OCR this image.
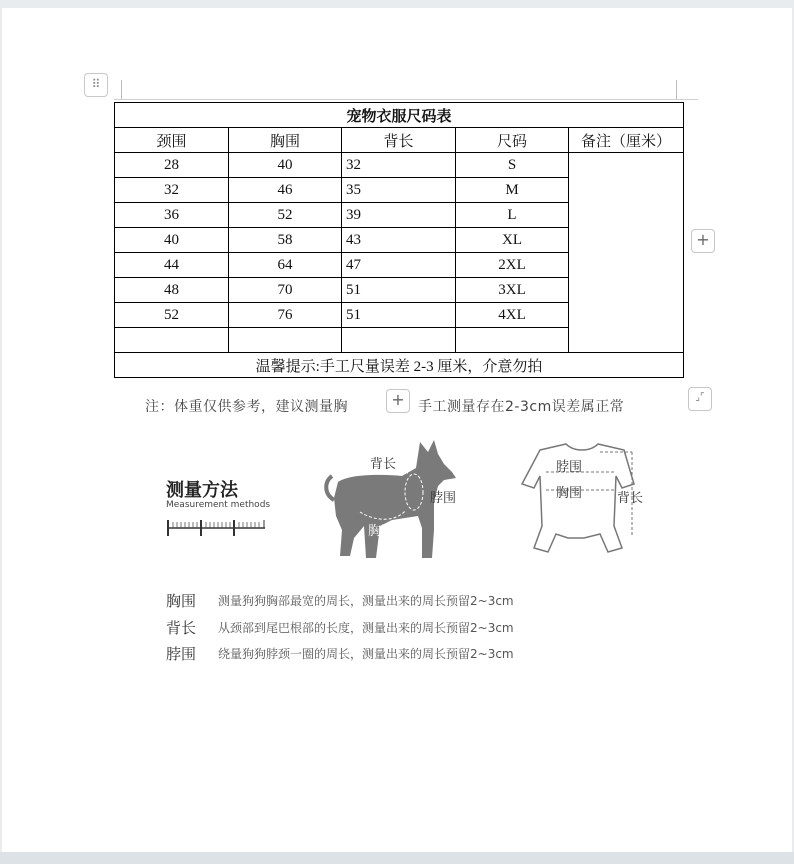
⠿
宠物衣服尺码表				
颈围	胸围	背长	尺码	备注（厘米）
28	40	32	S	
32	46	35	M	
36	52	39	L	
40	58	43	XL	
44	64	47	2XL	
48	70	51	3XL	
52	76	51	4XL	

温馨提示:手工尺量误差 2-3 厘米，介意勿拍				
+
+	⌟⌜
注：体重仅供参考，建议测量胸	手工测量存在2-3cm误差属正常
测量方法
Measurement methods
背长
脖围
胸围
脖围
胸围	背长
胸围 测量狗狗胸部最宽的周长，测量出来的周长预留2~3cm
背长 从颈部到尾巴根部的长度，测量出来的周长预留2~3cm
脖围 绕量狗狗脖颈一圈的周长，测量出来的周长预留2~3cm
